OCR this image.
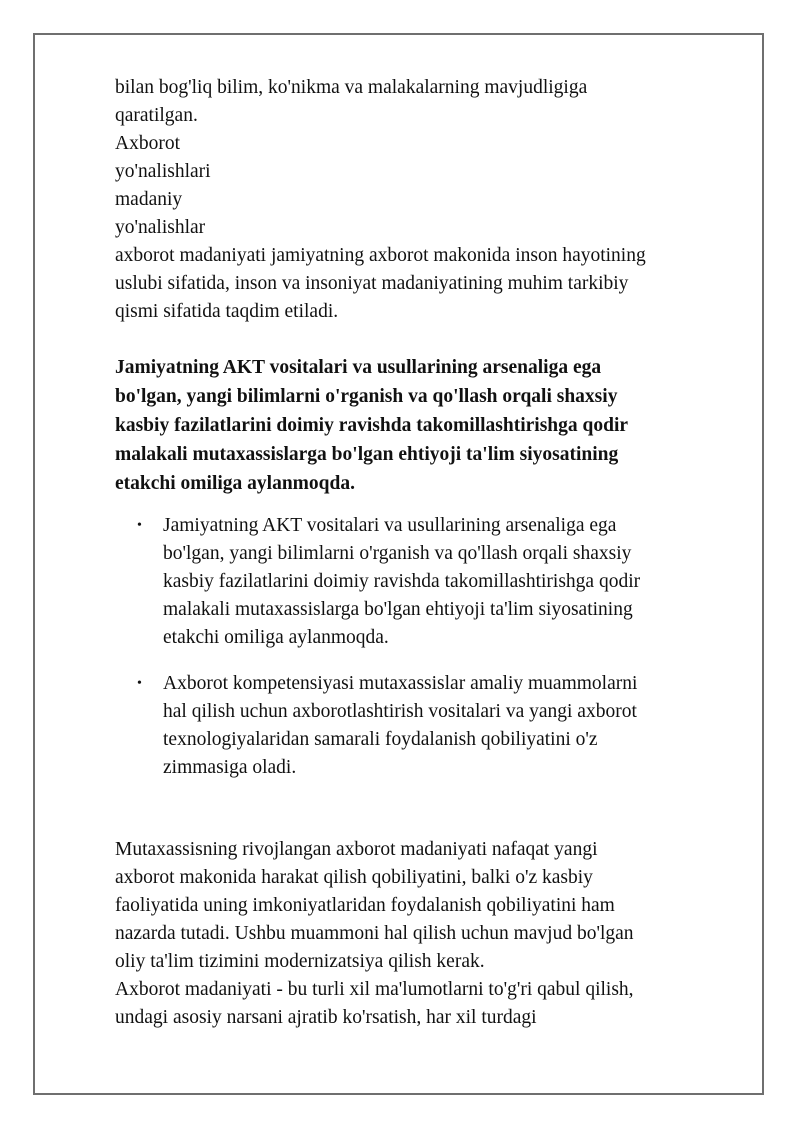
bilan bog'liq bilim, ko'nikma va malakalarning mavjudligiga
qaratilgan.
Axborot
yo'nalishlari
madaniy
yo'nalishlar
axborot madaniyati jamiyatning axborot makonida inson hayotining
uslubi sifatida, inson va insoniyat madaniyatining muhim tarkibiy
qismi sifatida taqdim etiladi.
Jamiyatning AKT vositalari va usullarining arsenaliga ega
bo'lgan, yangi bilimlarni o'rganish va qo'llash orqali shaxsiy
kasbiy fazilatlarini doimiy ravishda takomillashtirishga qodir
malakali mutaxassislarga bo'lgan ehtiyoji ta'lim siyosatining
etakchi omiliga aylanmoqda.
• Jamiyatning AKT vositalari va usullarining arsenaliga ega
bo'lgan, yangi bilimlarni o'rganish va qo'llash orqali shaxsiy
kasbiy fazilatlarini doimiy ravishda takomillashtirishga qodir
malakali mutaxassislarga bo'lgan ehtiyoji ta'lim siyosatining
etakchi omiliga aylanmoqda.
• Axborot kompetensiyasi mutaxassislar amaliy muammolarni
hal qilish uchun axborotlashtirish vositalari va yangi axborot
texnologiyalaridan samarali foydalanish qobiliyatini o'z
zimmasiga oladi.
Mutaxassisning rivojlangan axborot madaniyati nafaqat yangi
axborot makonida harakat qilish qobiliyatini, balki o'z kasbiy
faoliyatida uning imkoniyatlaridan foydalanish qobiliyatini ham
nazarda tutadi. Ushbu muammoni hal qilish uchun mavjud bo'lgan
oliy ta'lim tizimini modernizatsiya qilish kerak.
Axborot madaniyati - bu turli xil ma'lumotlarni to'g'ri qabul qilish,
undagi asosiy narsani ajratib ko'rsatish, har xil turdagi
